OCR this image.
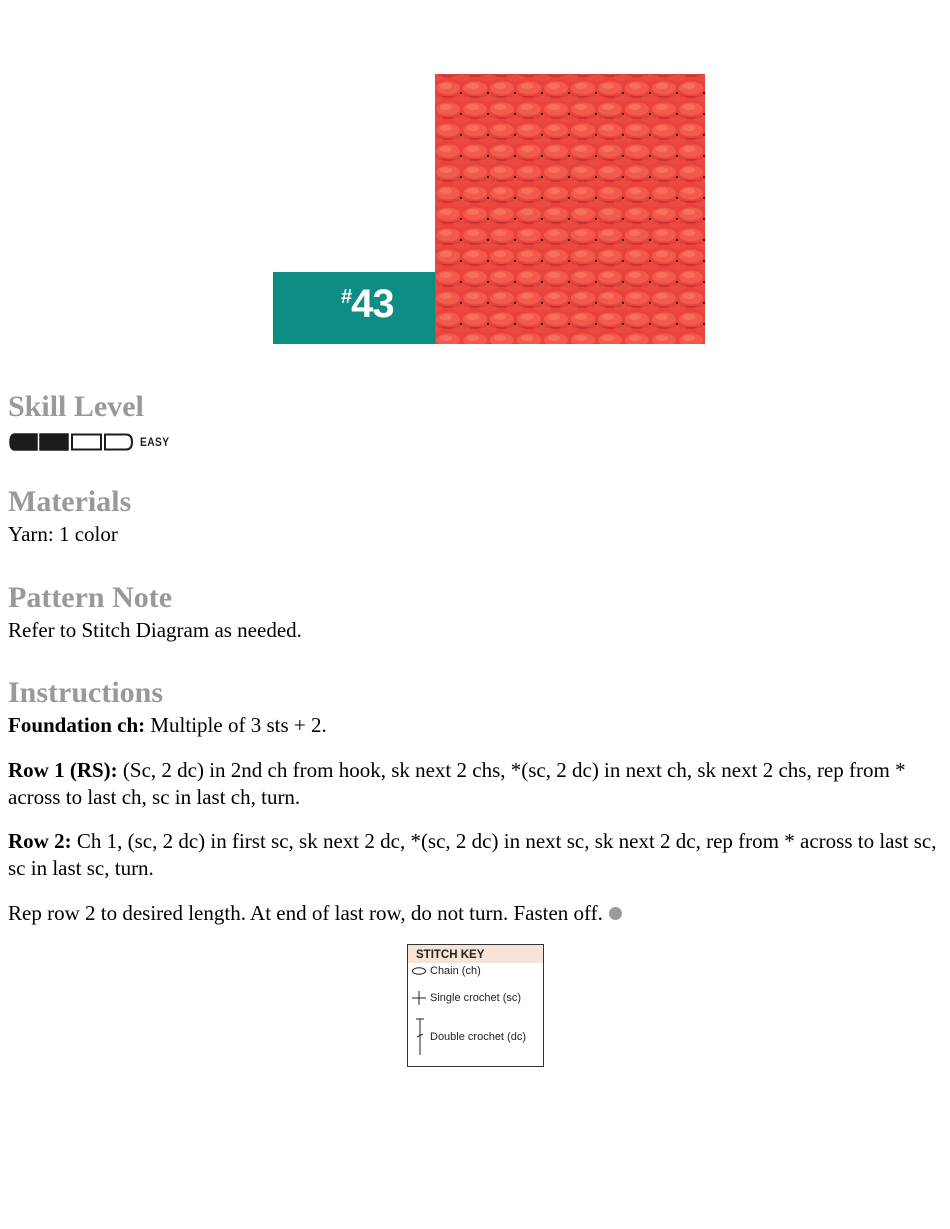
#43
Skill Level
EASY
Materials

Yarn: 1 color

Pattern Note

Refer to Stitch Diagram as needed.

Instructions

Foundation ch: Multiple of 3 sts + 2.

Row 1 (RS): (Sc, 2 dc) in 2nd ch from hook, sk next 2 chs, *(sc, 2 dc) in next ch, sk next 2 chs, rep from * across to last ch, sc in last ch, turn.

Row 2: Ch 1, (sc, 2 dc) in first sc, sk next 2 dc, *(sc, 2 dc) in next sc, sk next 2 dc, rep from * across to last sc, sc in last sc, turn.

Rep row 2 to desired length. At end of last row, do not turn. Fasten off.

STITCH KEY
Chain (ch)
Single crochet (sc)
Double crochet (dc)
